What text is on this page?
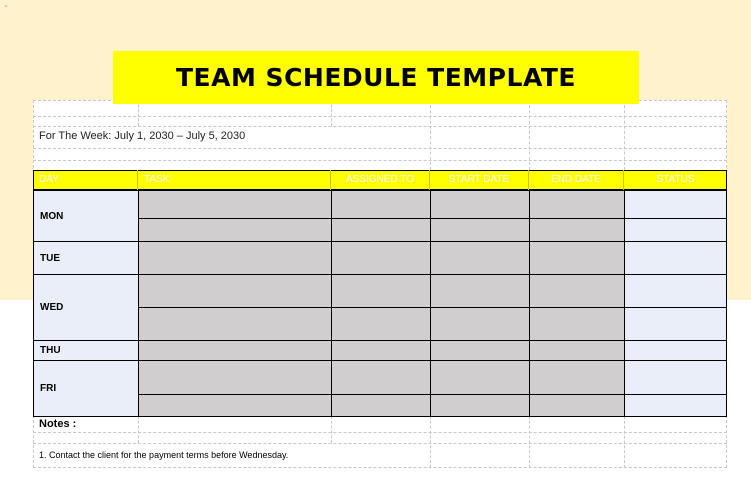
⌄
TEAM SCHEDULE TEMPLATE
For The Week: July 1, 2030 – July 5, 2030
DAY	TASK	ASSIGNED TO	START DATE	END DATE	STATUS
MON
TUE
WED
THU
FRI
Notes :
1. Contact the client for the payment terms before Wednesday.
